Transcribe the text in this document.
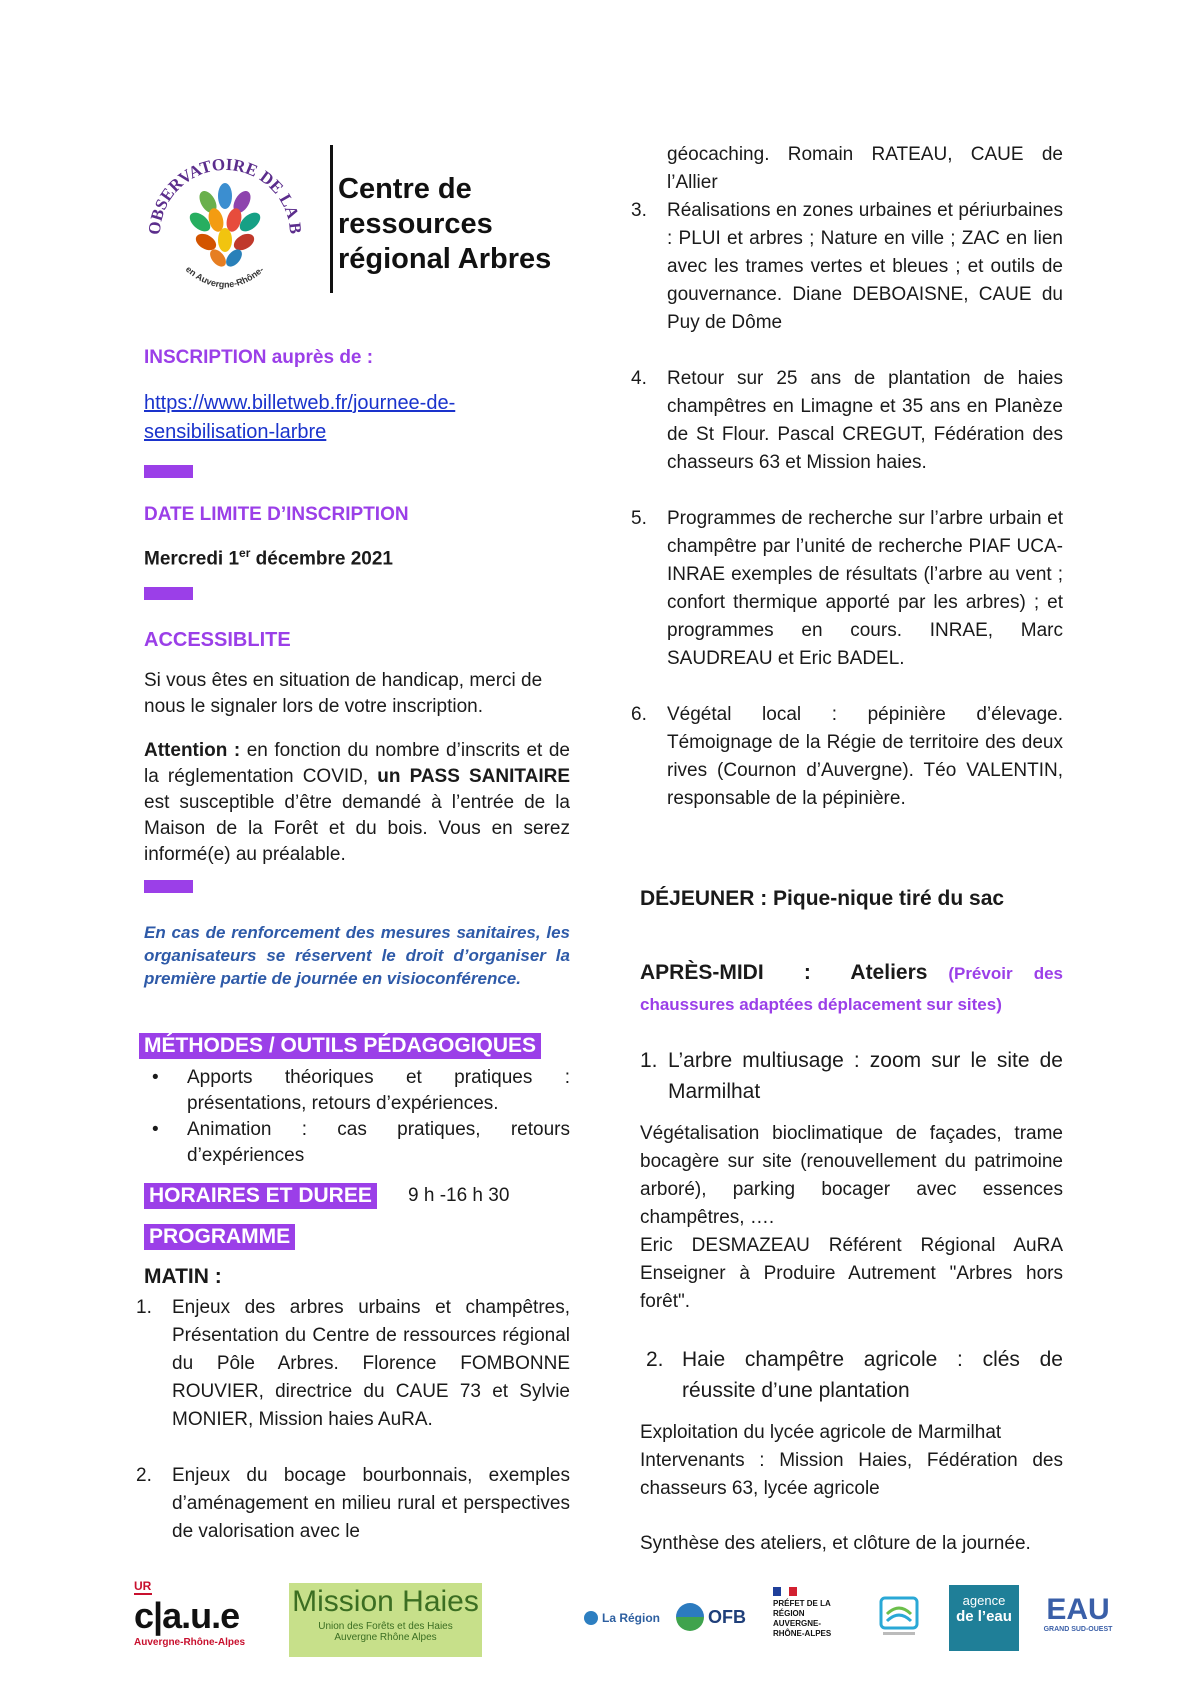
OBSERVATOIRE DE LA B
en Auvergne-Rhône-
Centre de
ressources
régional Arbres
INSCRIPTION auprès de :
https://www.billetweb.fr/journee-de-
sensibilisation-larbre
DATE LIMITE D’INSCRIPTION
Mercredi 1er décembre 2021
ACCESSIBLITE
Si vous êtes en situation de handicap, merci de nous le signaler lors de votre inscription.
Attention : en fonction du nombre d’inscrits et de la réglementation COVID, un PASS SANITAIRE est susceptible d’être demandé à l’entrée de la Maison de la Forêt et du bois. Vous en serez informé(e) au préalable.
En cas de renforcement des mesures sanitaires, les organisateurs se réservent le droit d’organiser la première partie de journée en visioconférence.
MÉTHODES / OUTILS PÉDAGOGIQUES
• Apports théoriques et pratiques : présentations, retours d’expériences.
• Animation : cas pratiques, retours d’expériences
HORAIRES ET DUREE 9 h -16 h 30
PROGRAMME
MATIN :
1. Enjeux des arbres urbains et champêtres, Présentation du Centre de ressources régional du Pôle Arbres. Florence FOMBONNE ROUVIER, directrice du CAUE 73 et Sylvie MONIER, Mission haies AuRA.
2. Enjeux du bocage bourbonnais, exemples d’aménagement en milieu rural et perspectives de valorisation avec le
géocaching. Romain RATEAU, CAUE de l’Allier
3. Réalisations en zones urbaines et périurbaines : PLUI et arbres ; Nature en ville ; ZAC en lien avec les trames vertes et bleues ; et outils de gouvernance. Diane DEBOAISNE, CAUE du Puy de Dôme
4. Retour sur 25 ans de plantation de haies champêtres en Limagne et 35 ans en Planèze de St Flour. Pascal CREGUT, Fédération des chasseurs 63 et Mission haies.
5. Programmes de recherche sur l’arbre urbain et champêtre par l’unité de recherche PIAF UCA-INRAE exemples de résultats (l’arbre au vent ; confort thermique apporté par les arbres) ; et programmes en cours. INRAE, Marc SAUDREAU et Eric BADEL.
6. Végétal local : pépinière d’élevage. Témoignage de la Régie de territoire des deux rives (Cournon d’Auvergne). Téo VALENTIN, responsable de la pépinière.
DÉJEUNER : Pique-nique tiré du sac
APRÈS-MIDI : Ateliers (Prévoir des chaussures adaptées déplacement sur sites)
1. L’arbre multiusage : zoom sur le site de Marmilhat
Végétalisation bioclimatique de façades, trame bocagère sur site (renouvellement du patrimoine arboré), parking bocager avec essences champêtres, ….
Eric DESMAZEAU Référent Régional AuRA Enseigner à Produire Autrement "Arbres hors forêt".
2. Haie champêtre agricole : clés de réussite d’une plantation
Exploitation du lycée agricole de Marmilhat
Intervenants : Mission Haies, Fédération des chasseurs 63, lycée agricole
Synthèse des ateliers, et clôture de la journée.
UR
c|a.u.e
Auvergne-Rhône-Alpes
Mission Haies
Union des Forêts et des Haies
Auvergne Rhône Alpes
La Région	OFB
PRÉFET DE LA RÉGION AUVERGNE- RHÔNE-ALPES
agence
de l’eau EAU
GRAND SUD-OUEST
